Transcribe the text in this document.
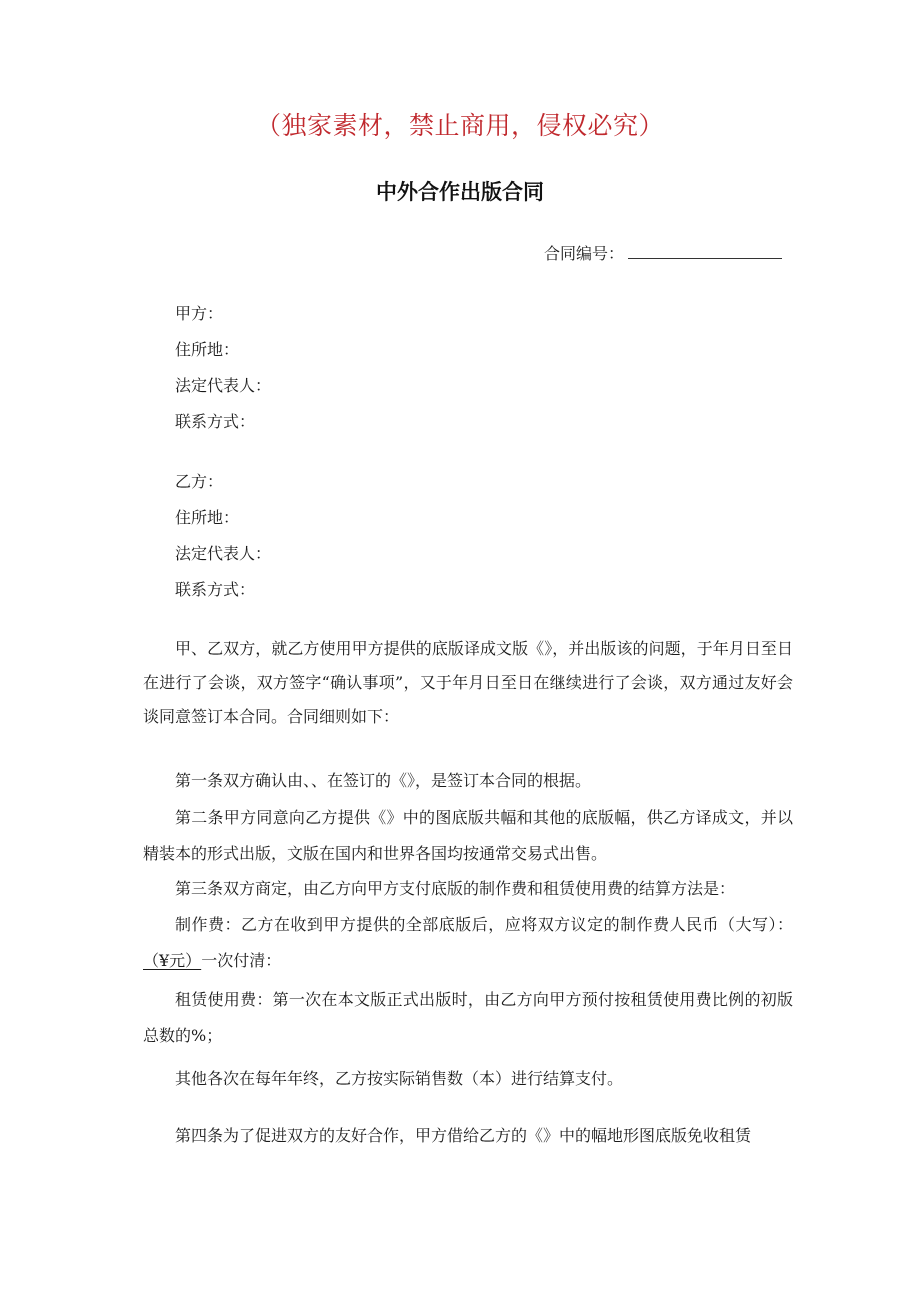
（独家素材，禁止商用，侵权必究）
中外合作出版合同
合同编号：
甲方：
住所地：
法定代表人：
联系方式：
乙方：
住所地：
法定代表人：
联系方式：
甲、乙双方，就乙方使用甲方提供的底版译成文版《》，并出版该的问题，于年月日至日在进行了会谈，双方签字“确认事项”，又于年月日至日在继续进行了会谈，双方通过友好会谈同意签订本合同。合同细则如下：
第一条双方确认由、、在签订的《》，是签订本合同的根据。
第二条甲方同意向乙方提供《》中的图底版共幅和其他的底版幅，供乙方译成文，并以精装本的形式出版，文版在国内和世界各国均按通常交易式出售。
第三条双方商定，由乙方向甲方支付底版的制作费和租赁使用费的结算方法是：
制作费：乙方在收到甲方提供的全部底版后，应将双方议定的制作费人民币（大写）：（¥元）一次付清：
租赁使用费：第一次在本文版正式出版时，由乙方向甲方预付按租赁使用费比例的初版总数的%；
其他各次在每年年终，乙方按实际销售数（本）进行结算支付。
第四条为了促进双方的友好合作，甲方借给乙方的《》中的幅地形图底版免收租赁
